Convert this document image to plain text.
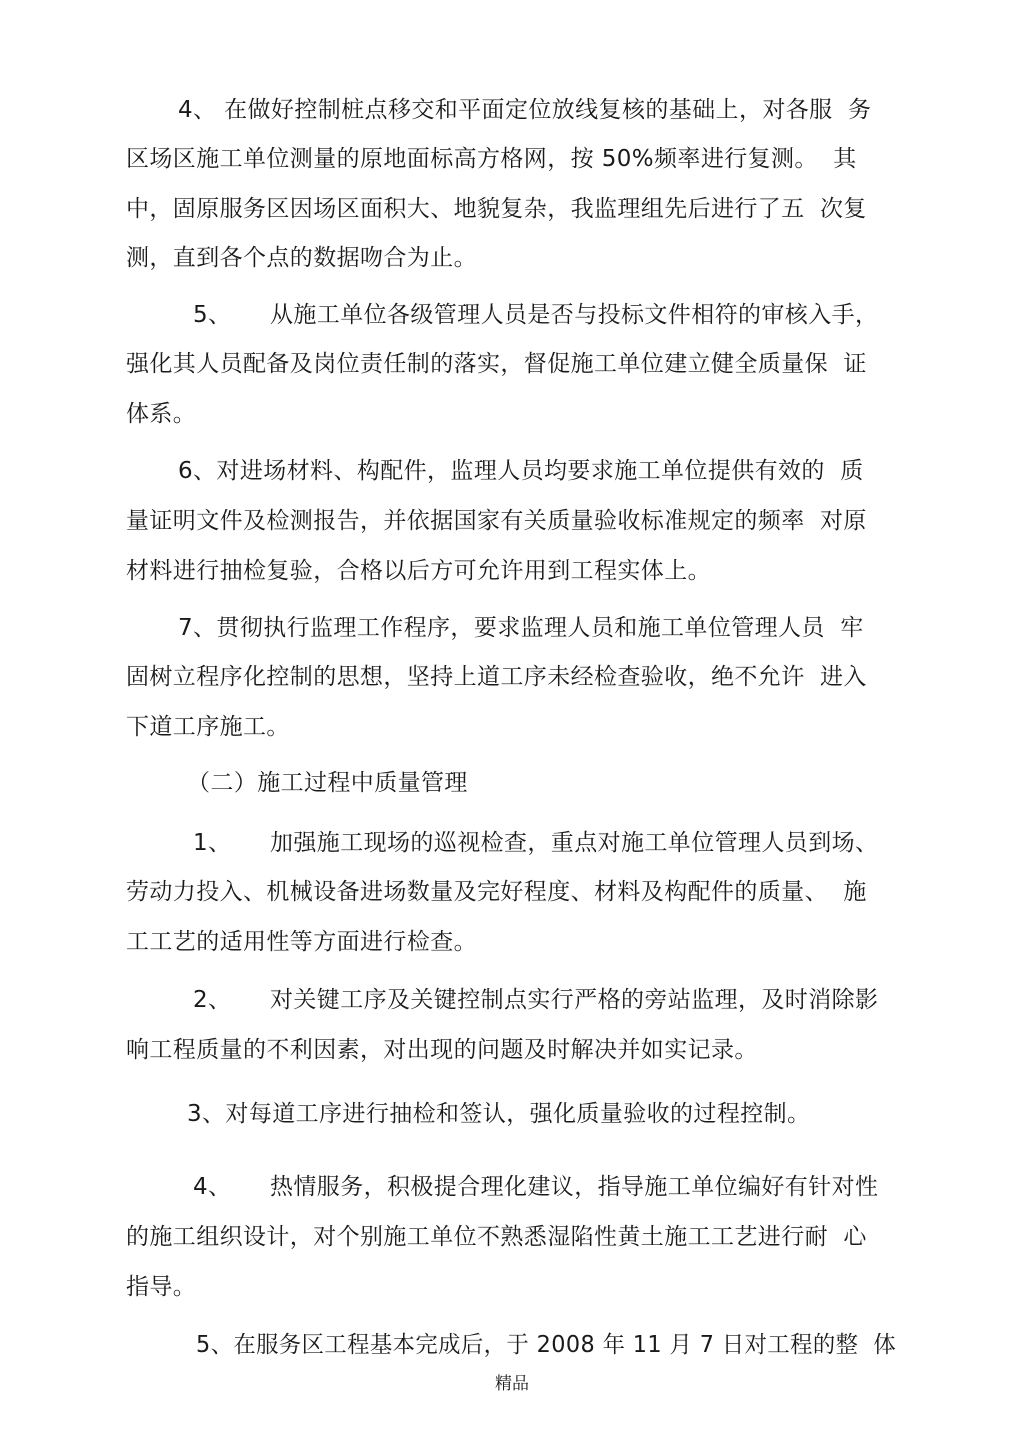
4、 在做好控制桩点移交和平面定位放线复核的基础上，对各服  务
区场区施工单位测量的原地面标高方格网，按 50%频率进行复测。  其
中，固原服务区因场区面积大、地貌复杂，我监理组先后进行了五  次复
测，直到各个点的数据吻合为止。
5、     从施工单位各级管理人员是否与投标文件相符的审核入手，
强化其人员配备及岗位责任制的落实，督促施工单位建立健全质量保  证
体系。
6、对进场材料、构配件，监理人员均要求施工单位提供有效的  质
量证明文件及检测报告，并依据国家有关质量验收标准规定的频率  对原
材料进行抽检复验，合格以后方可允许用到工程实体上。
7、贯彻执行监理工作程序，要求监理人员和施工单位管理人员  牢
固树立程序化控制的思想，坚持上道工序未经检查验收，绝不允许  进入
下道工序施工。
（二）施工过程中质量管理
1、     加强施工现场的巡视检查，重点对施工单位管理人员到场、
劳动力投入、机械设备进场数量及完好程度、材料及构配件的质量、  施
工工艺的适用性等方面进行检查。
2、     对关键工序及关键控制点实行严格的旁站监理，及时消除影
响工程质量的不利因素，对出现的问题及时解决并如实记录。
3、对每道工序进行抽检和签认，强化质量验收的过程控制。
4、     热情服务，积极提合理化建议，指导施工单位编好有针对性
的施工组织设计，对个别施工单位不熟悉湿陷性黄土施工工艺进行耐  心
指导。
5、在服务区工程基本完成后，于 2008 年 11 月 7 日对工程的整  体
精品
